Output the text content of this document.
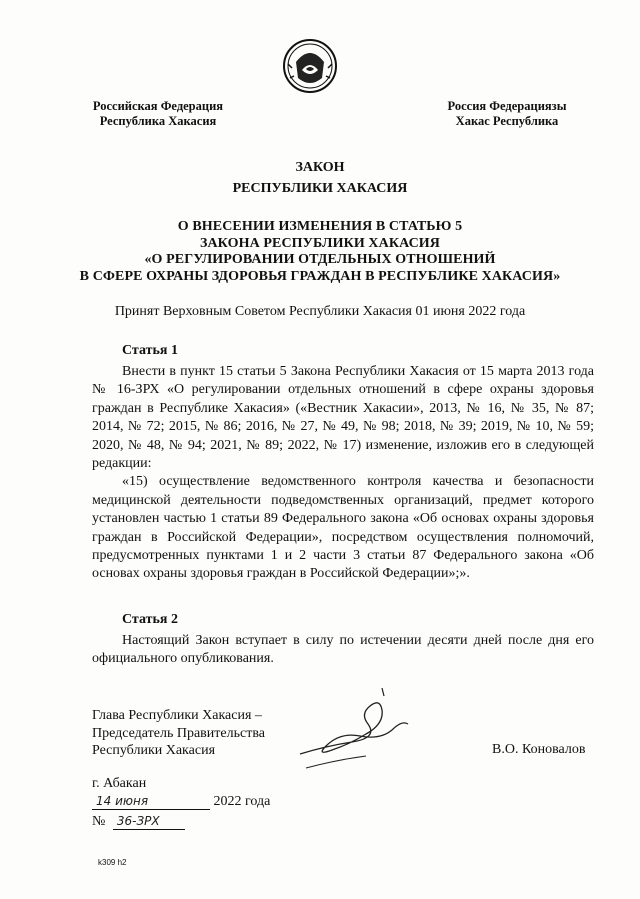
Российская Федерация
Республика Хакасия
Россия Федерациязы
Хакас Республика
ЗАКОН
РЕСПУБЛИКИ ХАКАСИЯ
О ВНЕСЕНИИ ИЗМЕНЕНИЯ В СТАТЬЮ 5
ЗАКОНА РЕСПУБЛИКИ ХАКАСИЯ
«О РЕГУЛИРОВАНИИ ОТДЕЛЬНЫХ ОТНОШЕНИЙ
В СФЕРЕ ОХРАНЫ ЗДОРОВЬЯ ГРАЖДАН В РЕСПУБЛИКЕ ХАКАСИЯ»
Принят Верховным Советом Республики Хакасия 01 июня 2022 года
Статья 1

Внести в пункт 15 статьи 5 Закона Республики Хакасия от 15 марта 2013 года № 16-ЗРХ «О регулировании отдельных отношений в сфере охраны здоровья граждан в Республике Хакасия» («Вестник Хакасии», 2013, № 16, № 35, № 87; 2014, № 72; 2015, № 86; 2016, № 27, № 49, № 98; 2018, № 39; 2019, № 10, № 59; 2020, № 48, № 94; 2021, № 89; 2022, № 17) изменение, изложив его в следующей редакции:

«15) осуществление ведомственного контроля качества и безопасности медицинской деятельности подведомственных организаций, предмет которого установлен частью 1 статьи 89 Федерального закона «Об основах охраны здоровья граждан в Российской Федерации», посредством осуществления полномочий, предусмотренных пунктами 1 и 2 части 3 статьи 87 Федерального закона «Об основах охраны здоровья граждан в Российской Федерации»;».

Статья 2

Настоящий Закон вступает в силу по истечении десяти дней после дня его официального опубликования.

Глава Республики Хакасия –
Председатель Правительства
Республики Хакасия	В.О. Коновалов
г. Абакан
14 июня	2022 года
№ 36-ЗРХ
k309 h2
